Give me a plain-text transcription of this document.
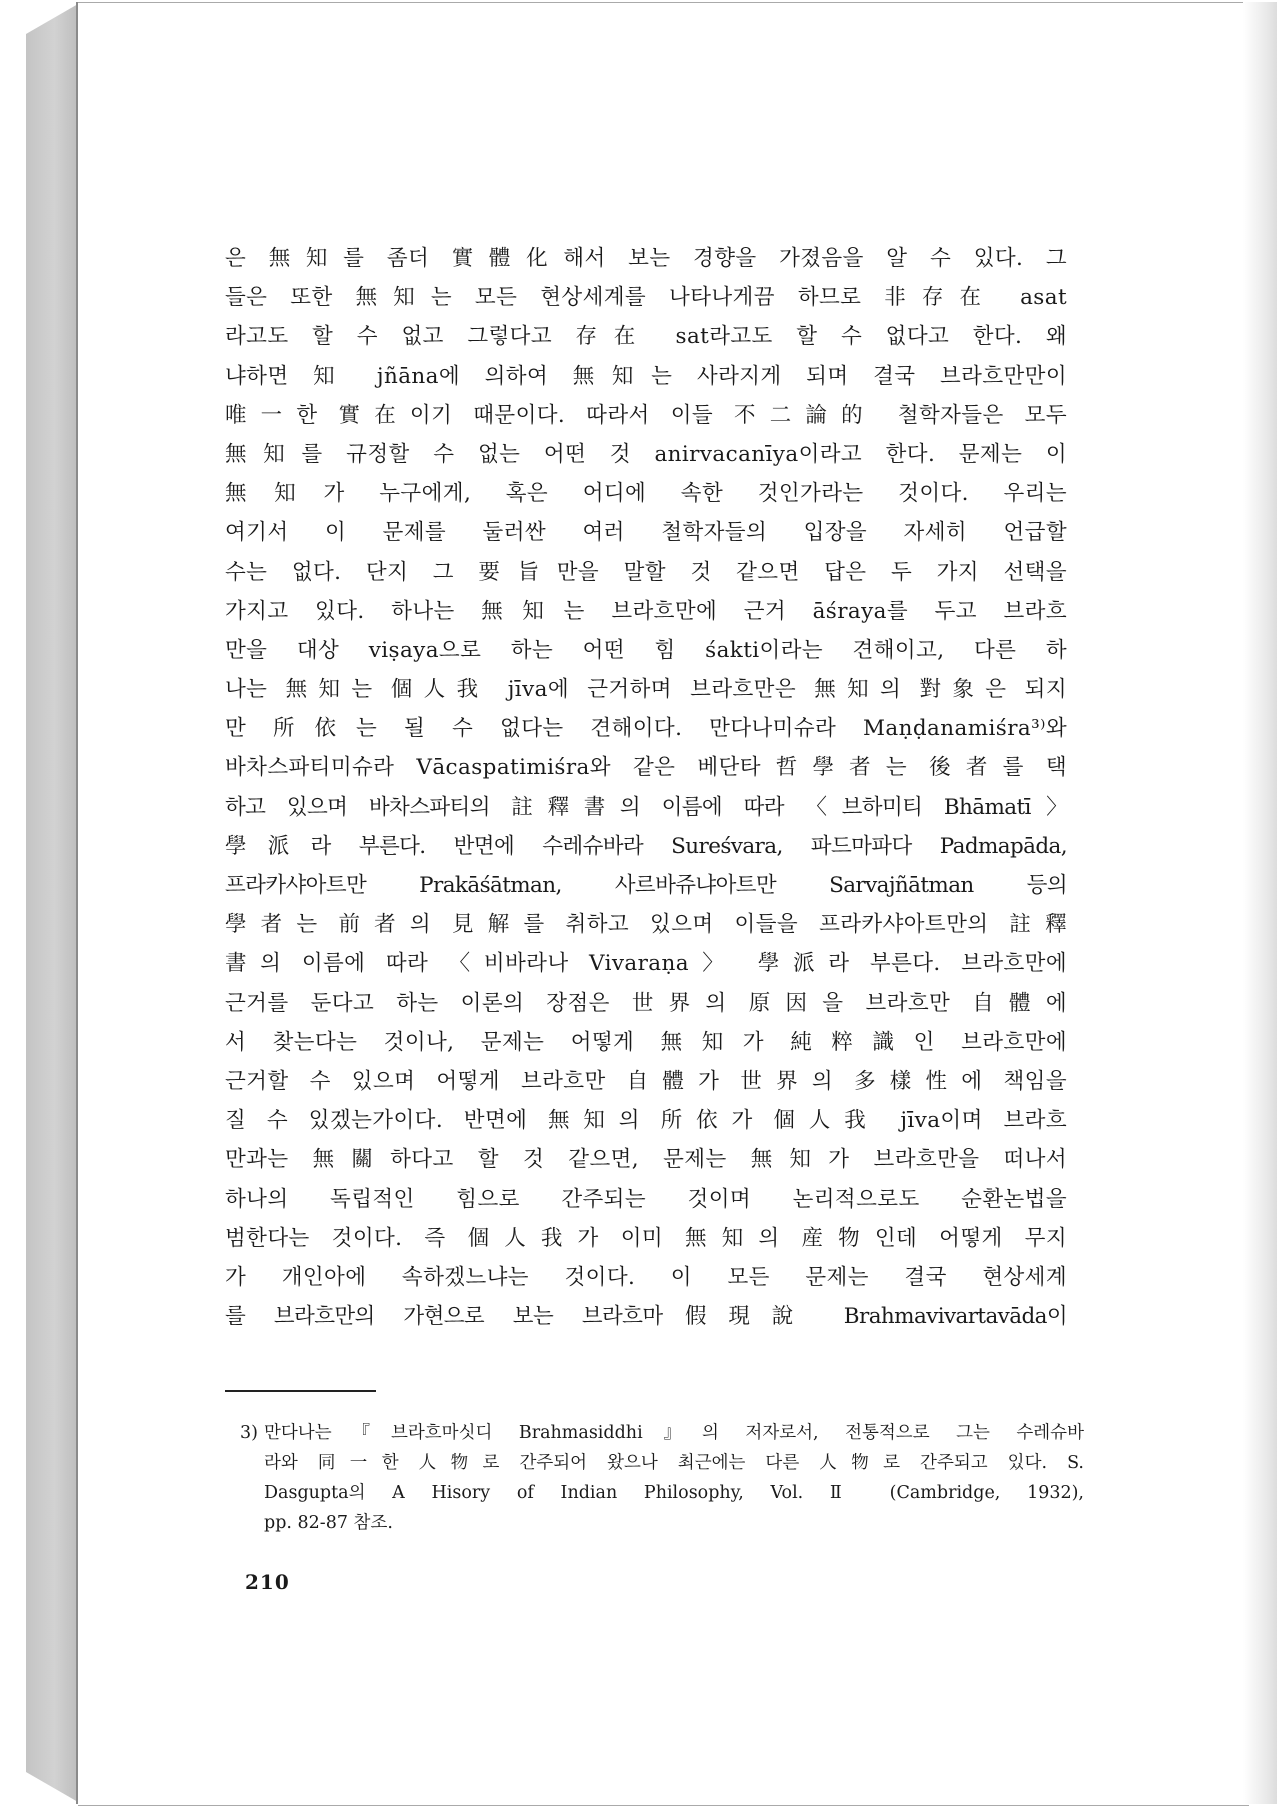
은 無知를 좀더 實體化해서 보는 경향을 가졌음을 알 수 있다. 그
들은 또한 無知는 모든 현상세계를 나타나게끔 하므로 非存在 asat
라고도 할 수 없고 그렇다고 存在 sat라고도 할 수 없다고 한다. 왜
냐하면 知 jñāna에 의하여 無知는 사라지게 되며 결국 브라흐만만이
唯一한 實在이기 때문이다. 따라서 이들 不二論的 철학자들은 모두
無知를 규정할 수 없는 어떤 것 anirvacanīya이라고 한다. 문제는 이
無知가 누구에게, 혹은 어디에 속한 것인가라는 것이다. 우리는
여기서 이 문제를 둘러싼 여러 철학자들의 입장을 자세히 언급할
수는 없다. 단지 그 要旨만을 말할 것 같으면 답은 두 가지 선택을
가지고 있다. 하나는 無知는 브라흐만에 근거 āśraya를 두고 브라흐
만을 대상 viṣaya으로 하는 어떤 힘 śakti이라는 견해이고, 다른 하
나는 無知는 個人我 jīva에 근거하며 브라흐만은 無知의 對象은 되지
만 所依는 될 수 없다는 견해이다. 만다나미슈라 Maṇḍanamiśra³⁾와
바차스파티미슈라 Vācaspatimiśra와 같은 베단타哲學者는 後者를 택
하고 있으며 바차스파티의 註釋書의 이름에 따라 〈브하미티 Bhāmatī〉
學派라 부른다. 반면에 수레슈바라 Sureśvara, 파드마파다 Padmapāda,
프라카샤아트만 Prakāśātman, 사르바쥬냐아트만 Sarvajñātman 등의
學者는 前者의 見解를 취하고 있으며 이들을 프라카샤아트만의 註釋
書의 이름에 따라 〈비바라나 Vivaraṇa〉 學派라 부른다. 브라흐만에
근거를 둔다고 하는 이론의 장점은 世界의 原因을 브라흐만 自體에
서 찾는다는 것이나, 문제는 어떻게 無知가 純粹識인 브라흐만에
근거할 수 있으며 어떻게 브라흐만 自體가 世界의 多樣性에 책임을
질 수 있겠는가이다. 반면에 無知의 所依가 個人我 jīva이며 브라흐
만과는 無關하다고 할 것 같으면, 문제는 無知가 브라흐만을 떠나서
하나의 독립적인 힘으로 간주되는 것이며 논리적으로도 순환논법을
범한다는 것이다. 즉 個人我가 이미 無知의 産物인데 어떻게 무지
가 개인아에 속하겠느냐는 것이다. 이 모든 문제는 결국 현상세계
를 브라흐만의 가현으로 보는 브라흐마假現說 Brahmavivartavāda이
3) 만다나는『브라흐마싯디 Brahmasiddhi』의 저자로서, 전통적으로 그는 수레슈바
라와 同一한 人物로 간주되어 왔으나 최근에는 다른 人物로 간주되고 있다. S.
Dasgupta의 A Hisory of Indian Philosophy, Vol. Ⅱ (Cambridge, 1932),
pp. 82-87 참조.
210
